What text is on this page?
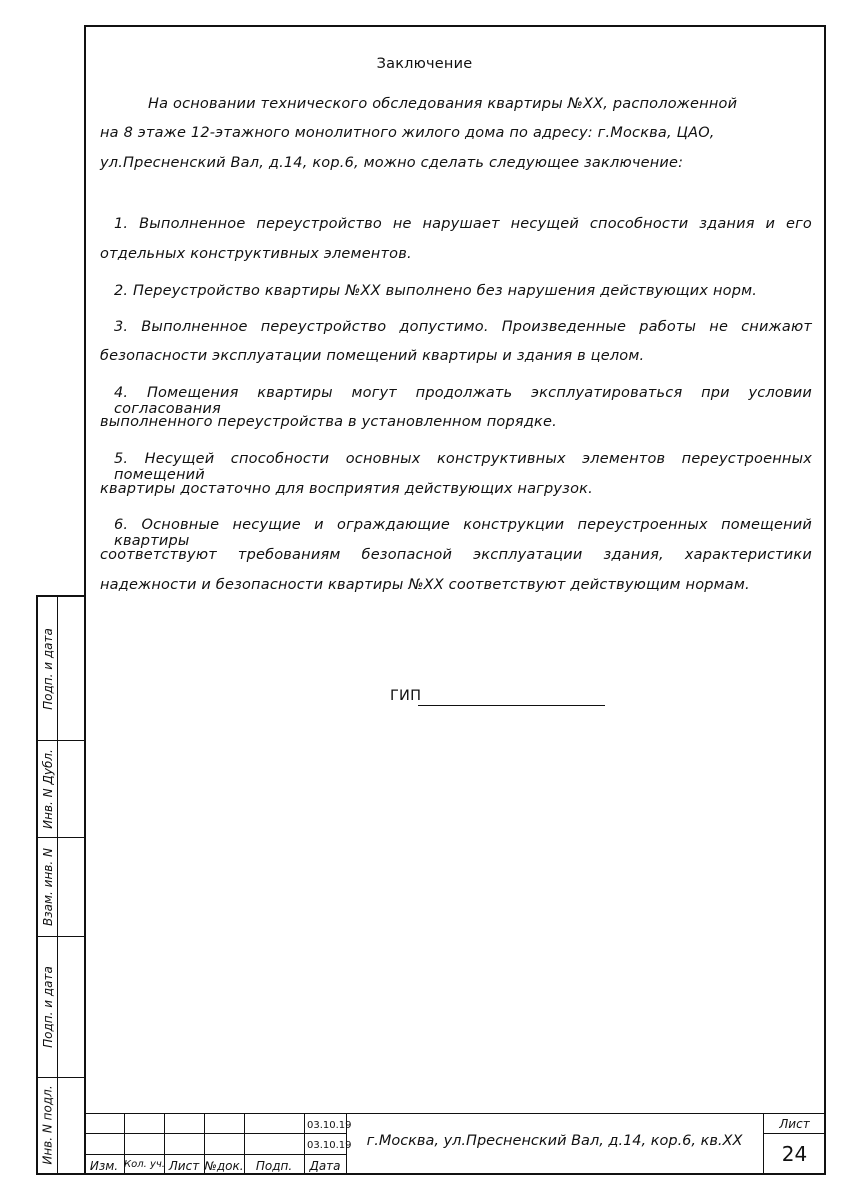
Заключение
На основании технического обследования квартиры №ХХ, расположенной
на 8 этаже 12-этажного монолитного жилого дома по адресу: г.Москва, ЦАО,
ул.Пресненский Вал, д.14, кор.6, можно сделать следующее заключение:
1. Выполненное переустройство не нарушает несущей способности здания и его
отдельных конструктивных элементов.
2. Переустройство квартиры №ХХ выполнено без нарушения действующих норм.
3. Выполненное переустройство допустимо. Произведенные работы не снижают
безопасности эксплуатации помещений квартиры и здания в целом.
4. Помещения квартиры могут продолжать эксплуатироваться при условии согласования
выполненного переустройства в установленном порядке.
5. Несущей способности основных конструктивных элементов переустроенных помещений
квартиры достаточно для восприятия действующих нагрузок.
6. Основные несущие и ограждающие конструкции переустроенных помещений квартиры
соответствуют требованиям безопасной эксплуатации здания, характеристики
надежности и безопасности квартиры №ХХ соответствуют действующим нормам.
ГИП
Подп. и дата
Инв. N Дубл.
Взам. инв. N
Подп. и дата
Инв. N подл.	03.10.19
03.10.19
Изм. Кол. уч. Лист №док.	Подп.	Дата
г.Москва, ул.Пресненский Вал, д.14, кор.6, кв.ХХ
Лист
24
